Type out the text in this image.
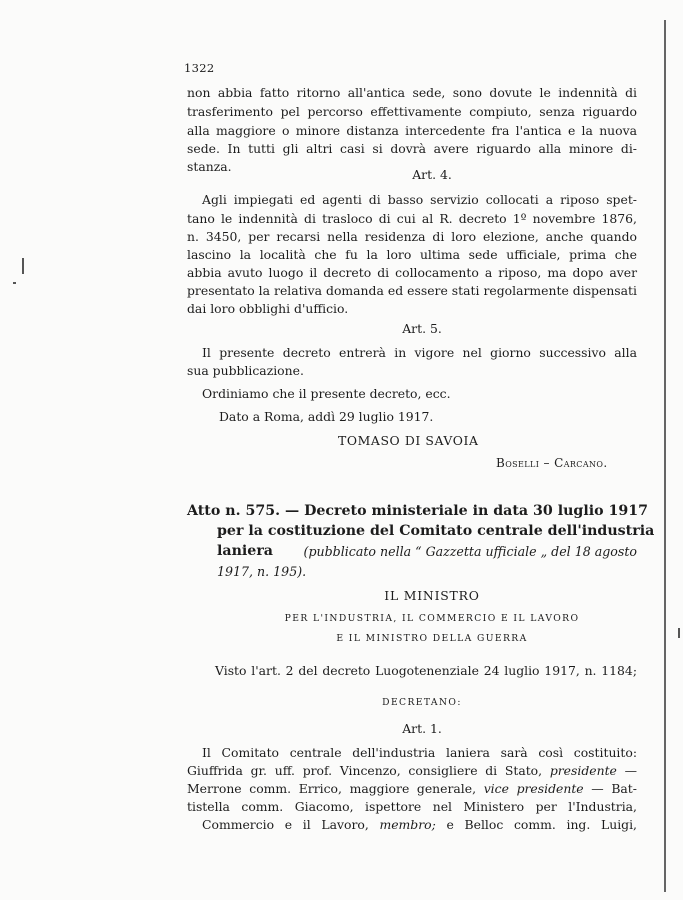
1322
non abbia fatto ritorno all'antica sede, sono dovute le indennità di
trasferimento pel percorso effettivamente compiuto, senza riguardo
alla maggiore o minore distanza intercedente fra l'antica e la nuova
sede. In tutti gli altri casi si dovrà avere riguardo alla minore di-
stanza.
Art. 4.
Agli impiegati ed agenti di basso servizio collocati a riposo spet-
tano le indennità di trasloco di cui al R. decreto 1º novembre 1876,
n. 3450, per recarsi nella residenza di loro elezione, anche quando
lascino la località che fu la loro ultima sede ufficiale, prima che
abbia avuto luogo il decreto di collocamento a riposo, ma dopo aver
presentato la relativa domanda ed essere stati regolarmente dispensati
dai loro obblighi d'ufficio.
Art. 5.
Il presente decreto entrerà in vigore nel giorno successivo alla
sua pubblicazione.
Ordiniamo che il presente decreto, ecc.
Dato a Roma, addì 29 luglio 1917.
TOMASO DI SAVOIA
Boselli – Carcano.
Atto n. 575. — Decreto ministeriale in data 30 luglio 1917
per la costituzione del Comitato centrale dell'industria
laniera (pubblicato nella “ Gazzetta ufficiale „ del 18 agosto
1917, n. 195).
IL MINISTRO
PER L'INDUSTRIA, IL COMMERCIO E IL LAVORO
E IL MINISTRO DELLA GUERRA
Visto l'art. 2 del decreto Luogotenenziale 24 luglio 1917, n. 1184;
DECRETANO:
Art. 1.
Il Comitato centrale dell'industria laniera sarà così costituito:
Giuffrida gr. uff. prof. Vincenzo, consigliere di Stato, presidente —
Merrone comm. Errico, maggiore generale, vice presidente — Bat-
tistella comm. Giacomo, ispettore nel Ministero per l'Industria,
Commercio e il Lavoro, membro; e Belloc comm. ing. Luigi,
